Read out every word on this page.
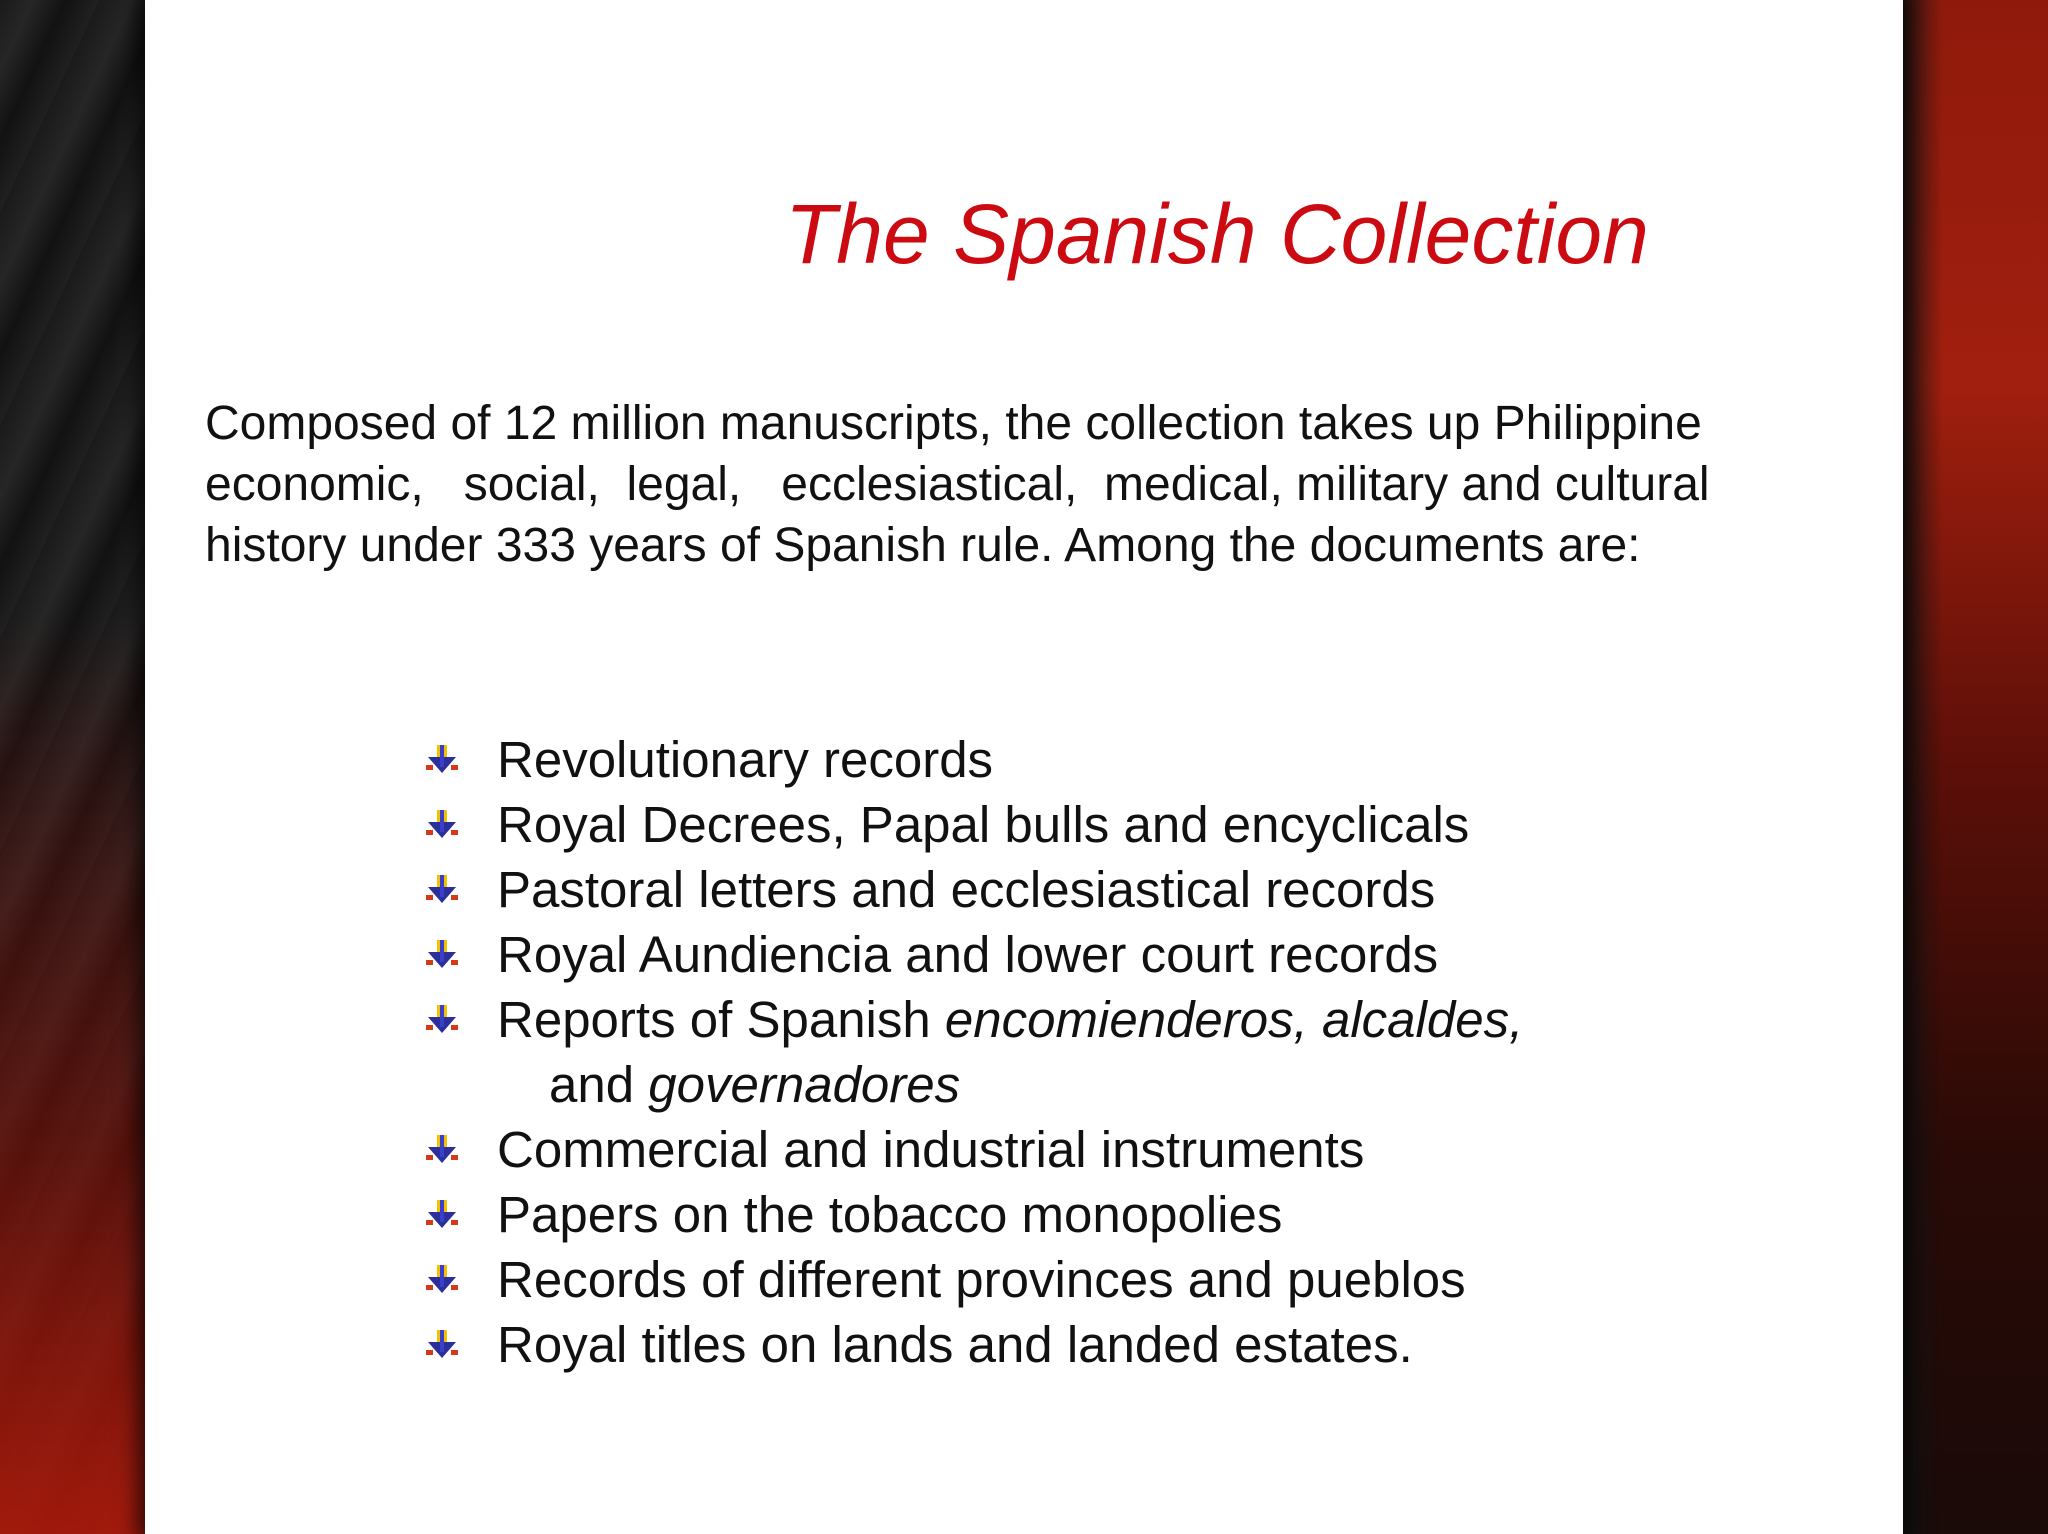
The Spanish Collection

Composed of 12 million manuscripts, the collection takes up Philippine
economic,   social,  legal,   ecclesiastical,  medical, military and cultural
history under 333 years of Spanish rule. Among the documents are:

Revolutionary records
Royal Decrees, Papal bulls and encyclicals
Pastoral letters and ecclesiastical records
Royal Aundiencia and lower court records
Reports of Spanish encomienderos, alcaldes,
and governadores
Commercial and industrial instruments
Papers on the tobacco monopolies
Records of different provinces and pueblos
Royal titles on lands and landed estates.
